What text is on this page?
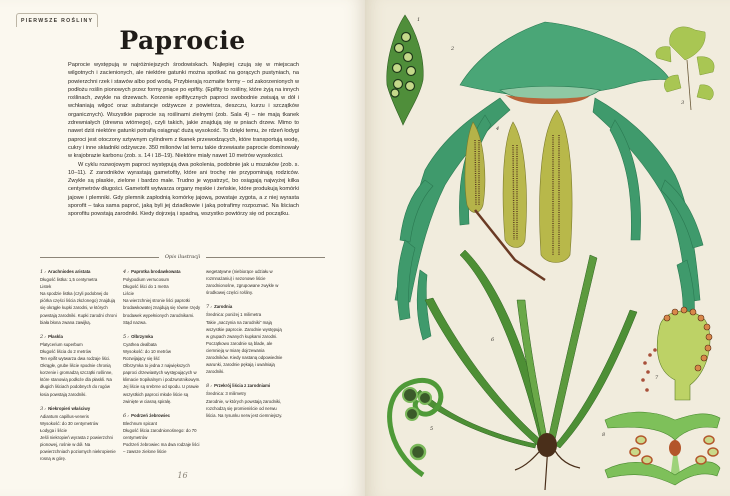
PIERWSZE ROŚLINY
Paprocie

Paprocie występują w najróżniejszych środowiskach. Najlepiej czują się w miejscach wilgotnych i zacienionych, ale niektóre gatunki można spotkać na gorących pustyniach, na powierzchni rzek i stawów albo pod wodą. Przybierają rozmaite formy – od zakorzenionych w podłożu roślin pionowych przez formy pnące po epifity. (Epifity to rośliny, które żyją na innych roślinach, zwykle na drzewach. Korzenie epifitycznych paproci swobodnie zwisają w dół i wchłaniają wilgoć oraz substancje odżywcze z powietrza, deszczu, kurzu i szczątków organicznych). Wszystkie paprocie są roślinami zielnymi (zob. Sala 4) – nie mają tkanek zdrewniałych (drewna wtórnego), czyli takich, jakie znajdują się w pniach drzew. Mimo to nawet dziś niektóre gatunki potrafią osiągnąć dużą wysokość. To dzięki temu, że rdzeń łodygi paproci jest otoczony sztywnym cylindrem z tkanek przewodzących, które transportują wodę, cukry i inne składniki odżywcze. 350 milionów lat temu takie drzewiaste paprocie dominowały w krajobrazie karbonu (zob. s. 14 i 18–19). Niektóre miały nawet 10 metrów wysokości.

W cyklu rozwojowym paproci występują dwa pokolenia, podobnie jak u mszaków (zob. s. 10–11). Z zarodników wyrastają gametofity, które ani trochę nie przypominają rodziców. Zwykle są płaskie, zielone i bardzo małe. Trudno je wypatrzyć, bo osiągają najwyżej kilka centymetrów długości. Gametofit wytwarza organy męskie i żeńskie, które produkują komórki jajowe i plemniki. Gdy plemnik zapłodnią komórkę jajową, powstaje zygota, a z niej wyrasta sporofit – taka sama paproć, jaką byli jej dziadkowie i jaką potrafimy rozpoznać. Na liściach sporofitu powstają zarodniki. Kiedy dojrzeją i spadną, wszystko powtórzy się od początku.

Opis ilustracji
1: Arachniodes aristata
Długość listka: 1,5 centymetra
Listek
Na spodzie listka (czyli podobnej do piórka części liścia złożonego) znajdują się okrągłe kupki zarodni, w których powstają zarodniki. Kupki zarodni chroni biała błona zwana zawijką.
2: Płaskla
Platycerium superbum
Długość liścia do 2 metrów
Ten epifit wytwarza dwa rodzaje liści. Okrągłe, grube liście spodnie chronią korzenie i gromadzą szczątki roślinne, które stanowią podłoże dla płaskli. Na długich liściach podobnych do rogów łosia powstają zarodniki.
3: Niekropień właściwy
Adiantum capillus-veneris
Wysokość: do 30 centymetrów
Łodyga i liście
Jeśli niekropień wyrasta z powierzchni pionowej, rośnie w dół. Na powierzchniach poziomych niekropienie rosną w górę.
4: Paprotka brodawkowata
Polypodium verrucosum
Długość liści do 1 metra
Liście
Na wierzchniej stronie liści paprotki brodawkowatej znajdują się równe rzędy brodawek wypełnionych zarodnikami. Stąd nazwa.
5: Olbrzymka
Cyathea dealbata
Wysokość: do 10 metrów
Rozwijający się liść
Olbrzymka to jedna z największych paproci drzewiastych występujących w klimacie tropikalnym i podzwrotnikowym. Jej liście są srebrne od spodu. U prawie wszystkich paproci młode liście są zwinięte w ciasną spiralę.
6: Podrzeń żebrowiec
Blechnum spicant
Długość liścia zarodnionośnego: do 70 centymetrów
Podrzeń żebrowiec ma dwa rodzaje liści – zawsze zielone liście
wegetatywne (niebiorące udziału w rozmnażaniu) i sezonowe liście zarodnionośne, zgrupowane zwykle w środkowej części rośliny.
7: Zarodnia
Średnica: poniżej 1 milimetra
Takie „naczynia na zarodniki” mają wszystkie paprocie. Zarodnie występują w grupach zwanych kupkami zarodni. Początkowo zarodnie są blade, ale ciemnieją w miarę dojrzewania zarodników. Kiedy nastaną odpowiednie warunki, zarodnie pękają i uwalniają zarodniki.
8: Przekrój liścia z zarodniami
Średnica: 3 milimetry
Zarodnie, w których powstają zarodniki, rozchodzą się promieniście od nerwu liścia. Na rysunku nerw jest ciemniejszy.
16
1
2
3
4
5
6
7
8
